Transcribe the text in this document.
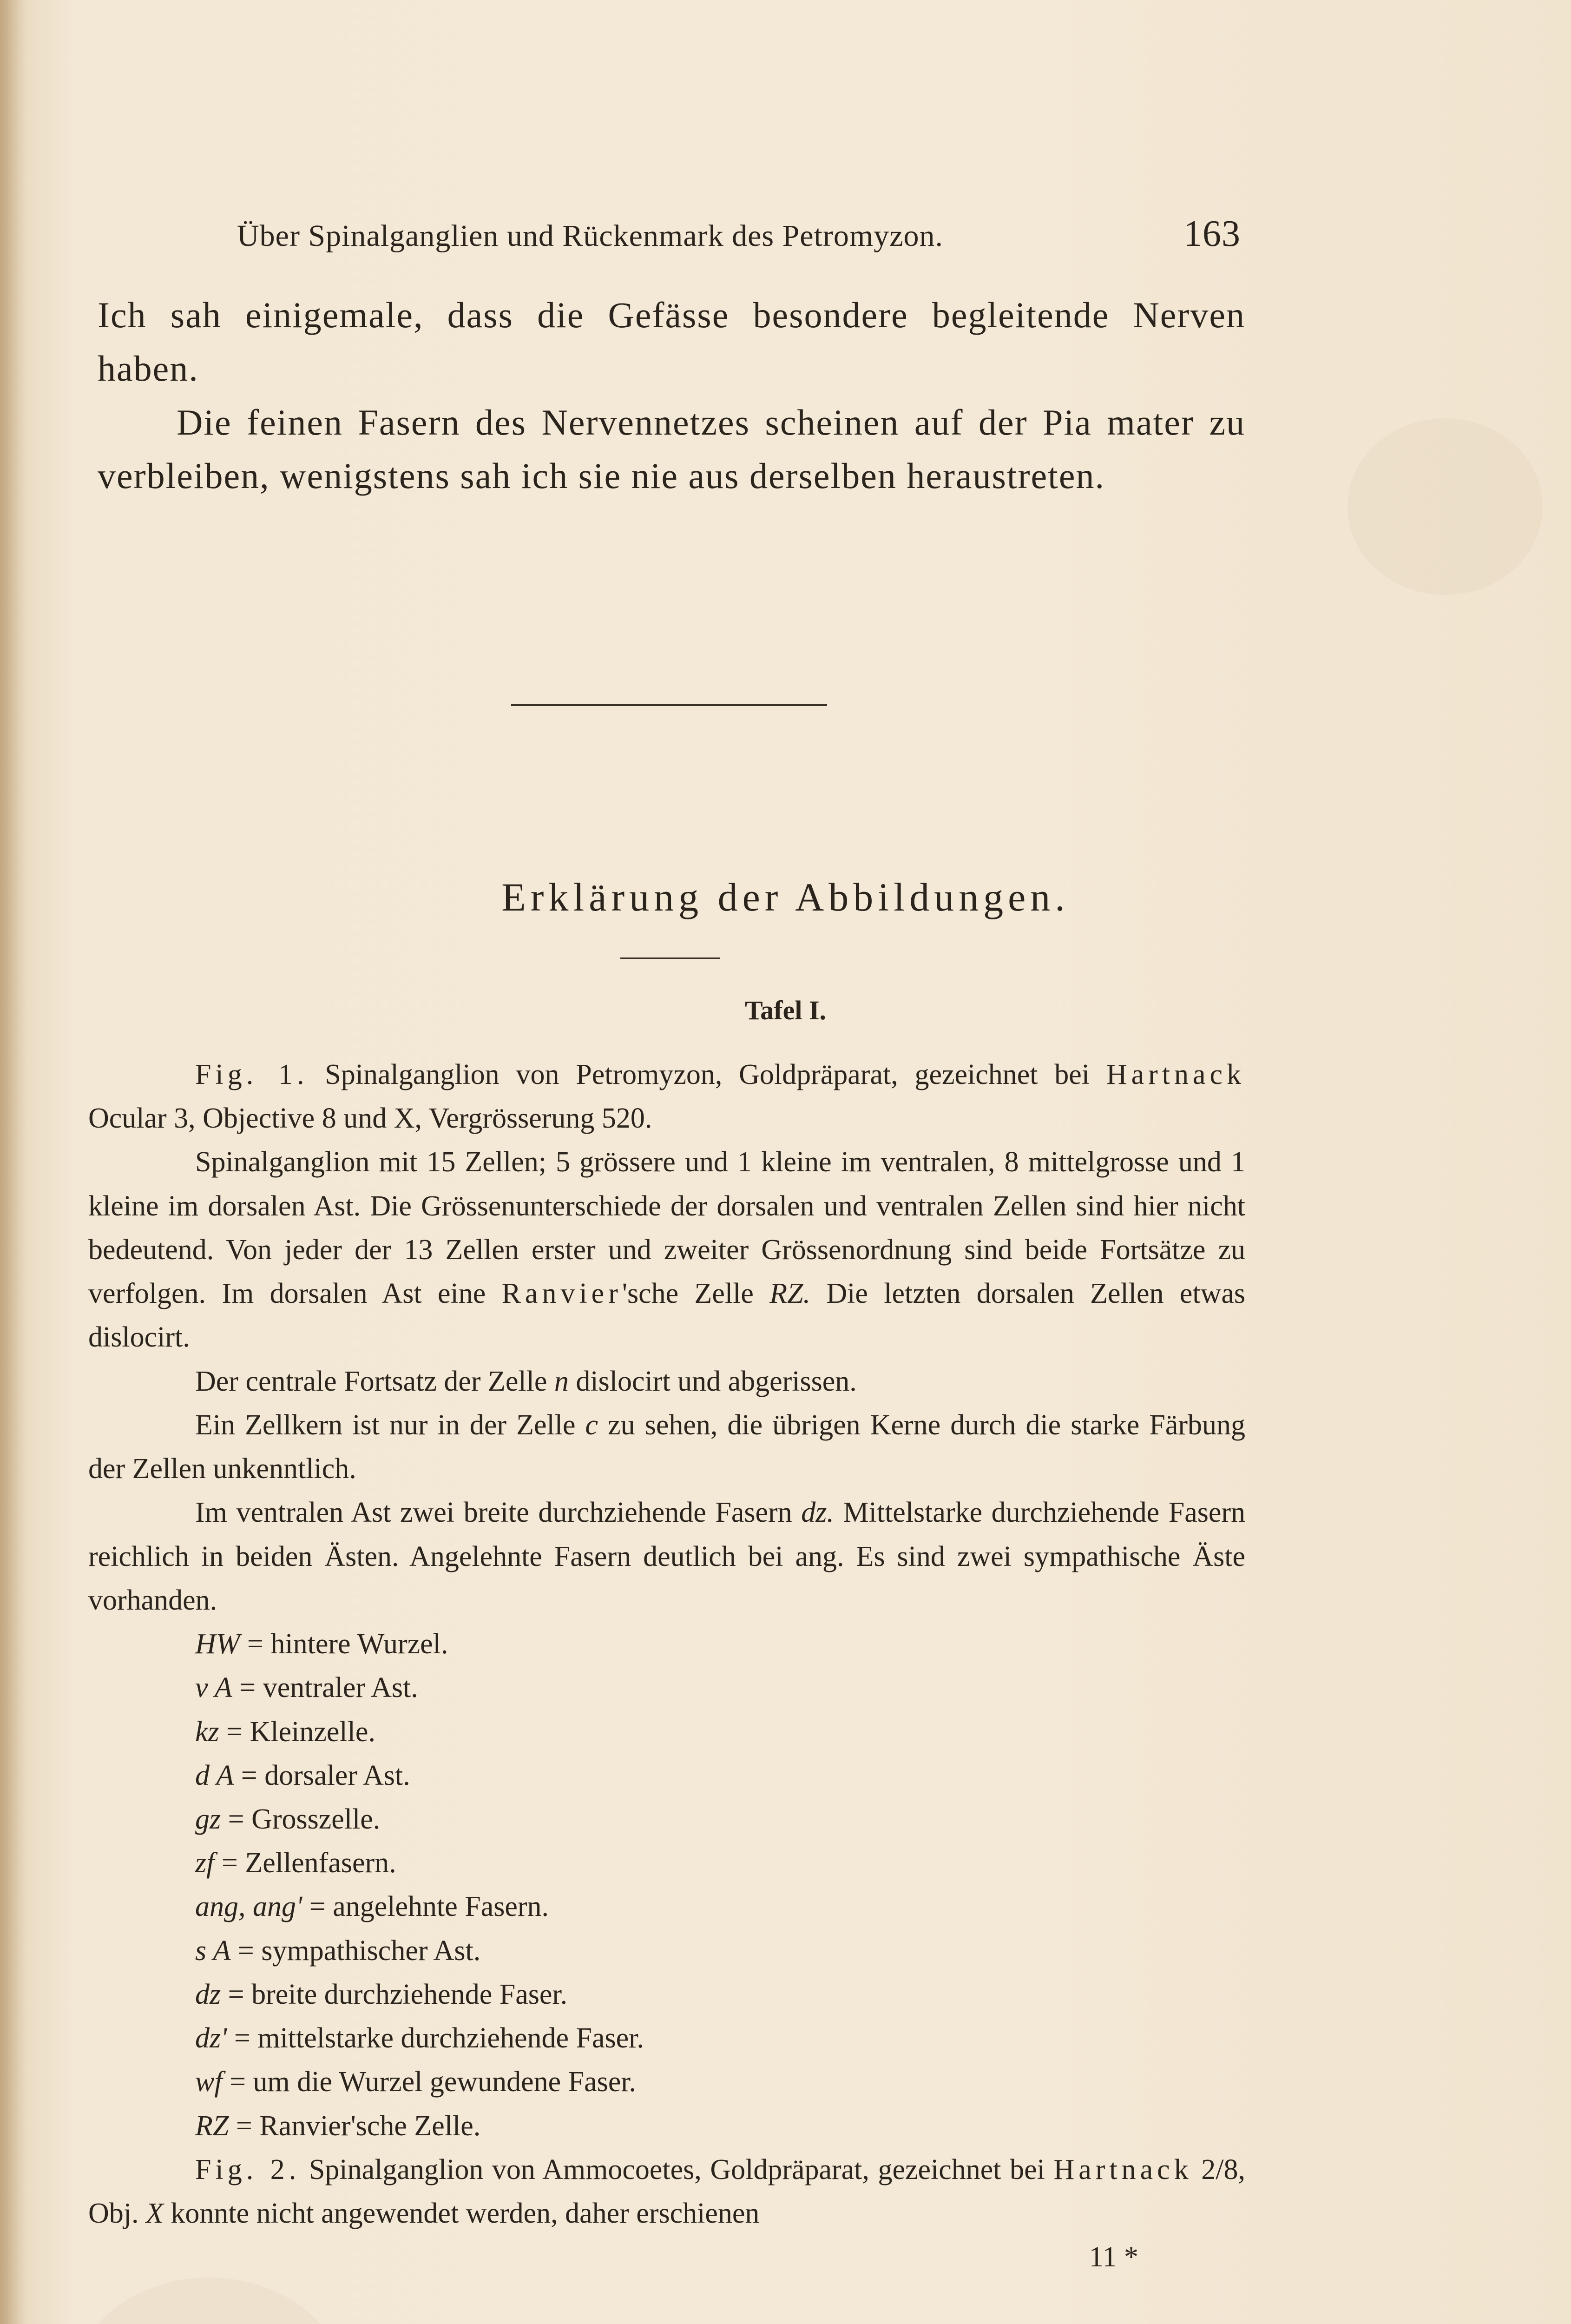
Über Spinalganglien und Rückenmark des Petromyzon.	163

Ich sah einigemale, dass die Gefässe besondere begleitende Nerven haben.

Die feinen Fasern des Nervennetzes scheinen auf der Pia mater zu verbleiben, wenigstens sah ich sie nie aus derselben heraustreten.

Erklärung der Abbildungen.
Tafel I.

Fig. 1. Spinalganglion von Petromyzon, Goldpräparat, gezeichnet bei Hartnack Ocular 3, Objective 8 und X, Vergrösserung 520.

Spinalganglion mit 15 Zellen; 5 grössere und 1 kleine im ventralen, 8 mittelgrosse und 1 kleine im dorsalen Ast. Die Grössenunterschiede der dorsalen und ventralen Zellen sind hier nicht bedeutend. Von jeder der 13 Zellen erster und zweiter Grössenordnung sind beide Fortsätze zu verfolgen. Im dorsalen Ast eine Ranvier'sche Zelle RZ. Die letzten dorsalen Zellen etwas dislocirt.

Der centrale Fortsatz der Zelle n dislocirt und abgerissen.

Ein Zellkern ist nur in der Zelle c zu sehen, die übrigen Kerne durch die starke Färbung der Zellen unkenntlich.

Im ventralen Ast zwei breite durchziehende Fasern dz. Mittelstarke durchziehende Fasern reichlich in beiden Ästen. Angelehnte Fasern deutlich bei ang. Es sind zwei sympathische Äste vorhanden.

HW = hintere Wurzel.
v A = ventraler Ast.
kz = Kleinzelle.
d A = dorsaler Ast.
gz = Grosszelle.
zf = Zellenfasern.
ang, ang' = angelehnte Fasern.
s A = sympathischer Ast.
dz = breite durchziehende Faser.
dz' = mittelstarke durchziehende Faser.
wf = um die Wurzel gewundene Faser.
RZ = Ranvier'sche Zelle.

Fig. 2. Spinalganglion von Ammocoetes, Goldpräparat, gezeichnet bei Hartnack 2/8, Obj. X konnte nicht angewendet werden, daher erschienen

11 *
